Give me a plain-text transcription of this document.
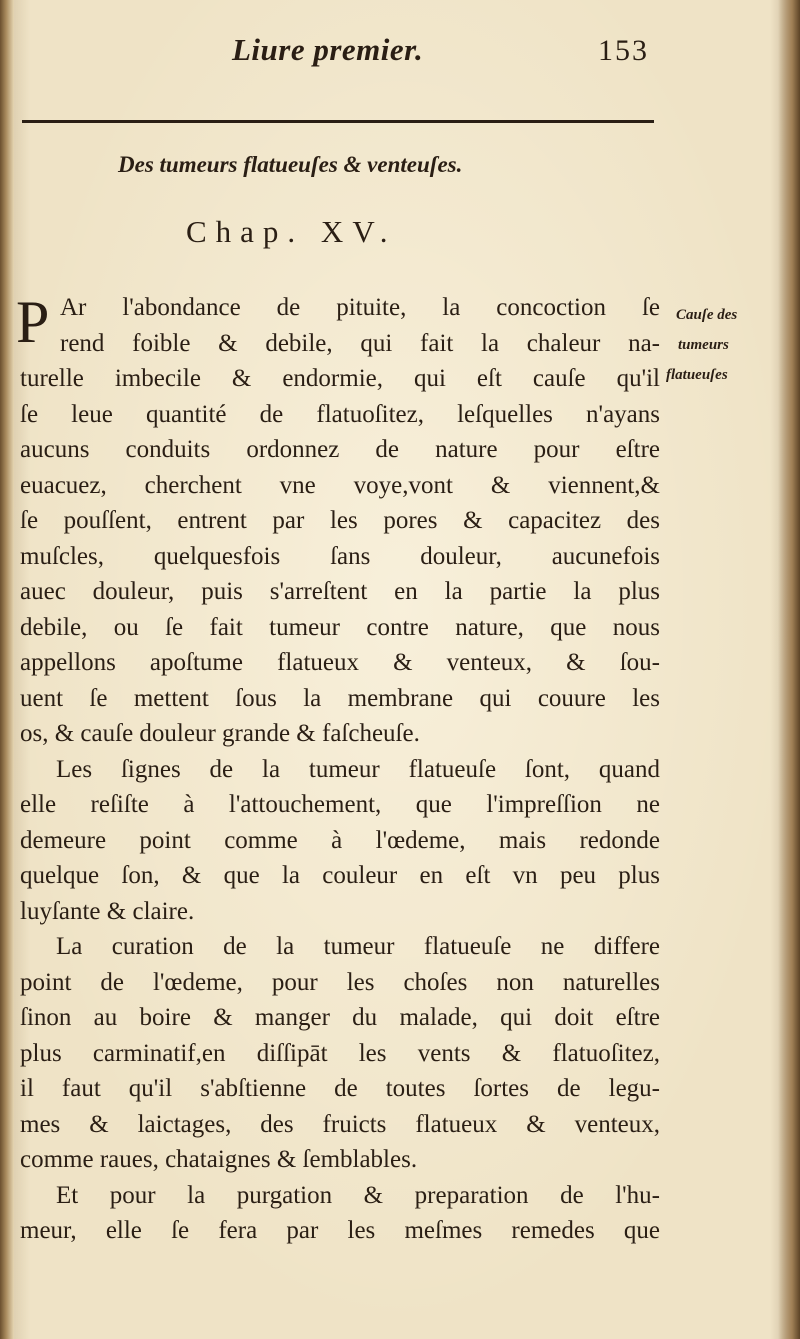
Liure premier.	153
Des tumeurs flatueuſes & venteuſes.
Chap. XV.
P	Cauſe des
tumeurs
flatueuſes
Ar l'abondance de pituite, la concoction ſe
rend foible & debile, qui fait la chaleur na-
turelle imbecile & endormie, qui eſt cauſe qu'il
ſe leue quantité de flatuoſitez, leſquelles n'ayans
aucuns conduits ordonnez de nature pour eſtre
euacuez, cherchent vne voye,vont & viennent,&
ſe pouſſent, entrent par les pores & capacitez des
muſcles, quelquesfois ſans douleur, aucunefois
auec douleur, puis s'arreſtent en la partie la plus
debile, ou ſe fait tumeur contre nature, que nous
appellons apoſtume flatueux & venteux, & ſou-
uent ſe mettent ſous la membrane qui couure les
os, & cauſe douleur grande & faſcheuſe.
Les ſignes de la tumeur flatueuſe ſont, quand
elle reſiſte à l'attouchement, que l'impreſſion ne
demeure point comme à l'œdeme, mais redonde
quelque ſon, & que la couleur en eſt vn peu plus
luyſante & claire.
La curation de la tumeur flatueuſe ne differe
point de l'œdeme, pour les choſes non naturelles
ſinon au boire & manger du malade, qui doit eſtre
plus carminatif,en diſſipāt les vents & flatuoſitez,
il faut qu'il s'abſtienne de toutes ſortes de legu-
mes & laictages, des fruicts flatueux & venteux,
comme raues, chataignes & ſemblables.
Et pour la purgation & preparation de l'hu-
meur, elle ſe fera par les meſmes remedes que
